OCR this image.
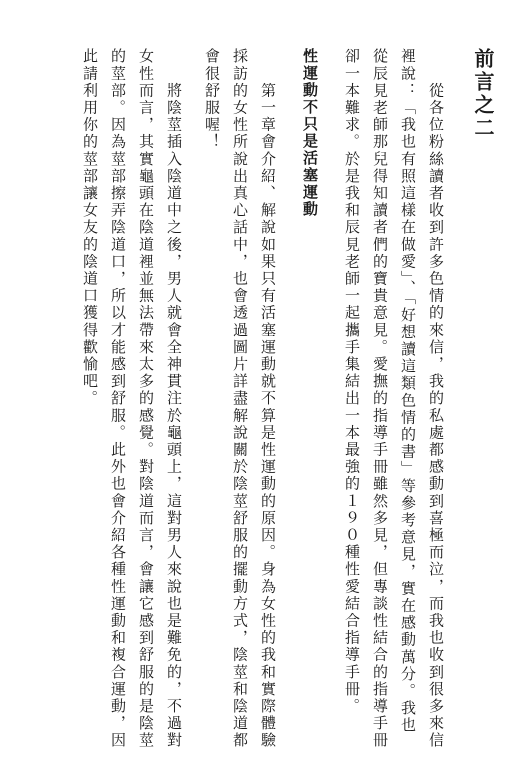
前言之二

　　從各位粉絲讀者收到許多色情的來信，我的私處都感動到喜極而泣，而我也收到很多來信

裡說：「我也有照這樣在做愛」、「好想讀這類色情的書」等參考意見，實在感動萬分。我也

從辰見老師那兒得知讀者們的寶貴意見。愛撫的指導手冊雖然多見，但專談性結合的指導手冊

卻一本難求。於是我和辰見老師一起攜手集結出一本最強的１９０種性愛結合指導手冊。

性運動不只是活塞運動

　　第一章會介紹、解說如果只有活塞運動就不算是性運動的原因。身為女性的我和實際體驗

採訪的女性所說出真心話中，也會透過圖片詳盡解說關於陰莖舒服的擺動方式，陰莖和陰道都

會很舒服喔！

　　將陰莖插入陰道中之後，男人就會全神貫注於龜頭上，這對男人來說也是難免的，不過對

女性而言，其實龜頭在陰道裡並無法帶來太多的感覺。對陰道而言，會讓它感到舒服的是陰莖

的莖部。因為莖部擦弄陰道口，所以才能感到舒服。此外也會介紹各種性運動和複合運動，因

此請利用你的莖部讓女友的陰道口獲得歡愉吧。
